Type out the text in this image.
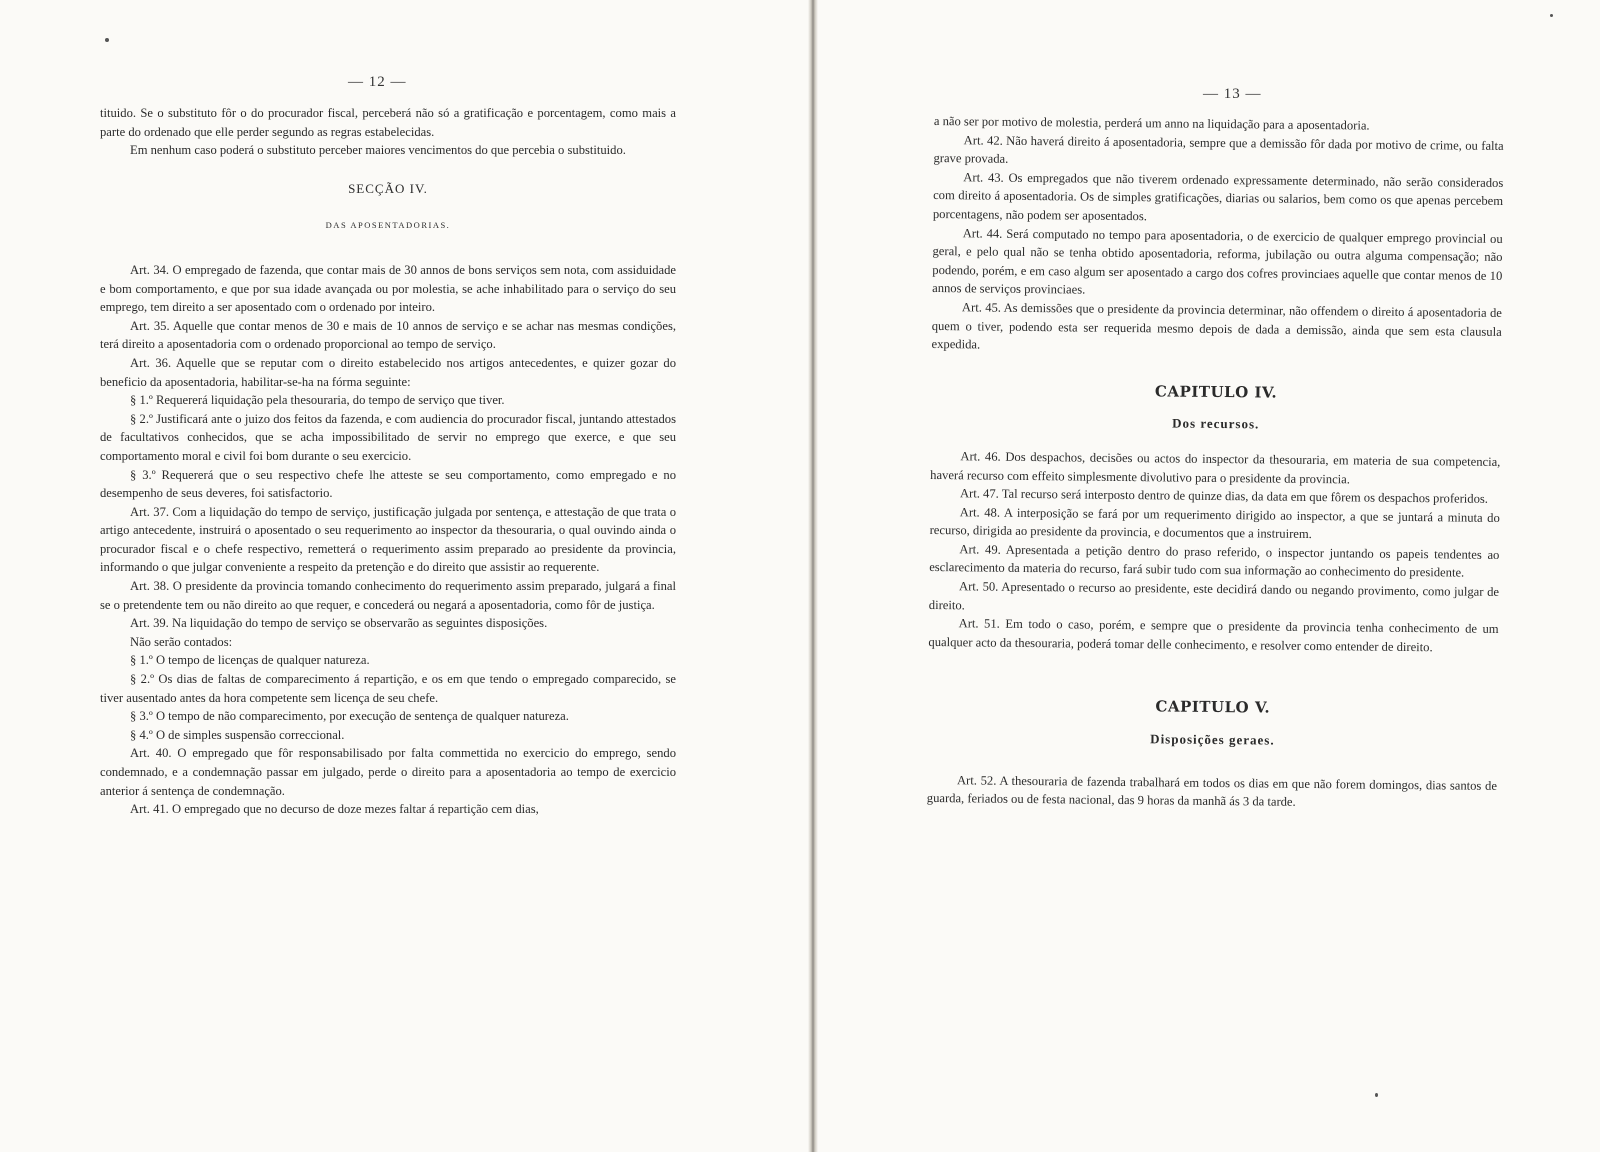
— 12 —

tituido. Se o substituto fôr o do procurador fiscal, perceberá não só a gratificação e porcentagem, como mais a parte do ordenado que elle perder segundo as regras estabelecidas.

Em nenhum caso poderá o substituto perceber maiores vencimentos do que percebia o substituido.

SECÇÃO IV.
DAS APOSENTADORIAS.

Art. 34. O empregado de fazenda, que contar mais de 30 annos de bons serviços sem nota, com assiduidade e bom comportamento, e que por sua idade avançada ou por molestia, se ache inhabilitado para o serviço do seu emprego, tem direito a ser aposentado com o ordenado por inteiro.

Art. 35. Aquelle que contar menos de 30 e mais de 10 annos de serviço e se achar nas mesmas condições, terá direito a aposentadoria com o ordenado proporcional ao tempo de serviço.

Art. 36. Aquelle que se reputar com o direito estabelecido nos artigos antecedentes, e quizer gozar do beneficio da aposentadoria, habilitar-se-ha na fórma seguinte:

§ 1.º Requererá liquidação pela thesouraria, do tempo de serviço que tiver.

§ 2.º Justificará ante o juizo dos feitos da fazenda, e com audiencia do procurador fiscal, juntando attestados de facultativos conhecidos, que se acha impossibilitado de servir no emprego que exerce, e que seu comportamento moral e civil foi bom durante o seu exercicio.

§ 3.º Requererá que o seu respectivo chefe lhe atteste se seu comportamento, como empregado e no desempenho de seus deveres, foi satisfactorio.

Art. 37. Com a liquidação do tempo de serviço, justificação julgada por sentença, e attestação de que trata o artigo antecedente, instruirá o aposentado o seu requerimento ao inspector da thesouraria, o qual ouvindo ainda o procurador fiscal e o chefe respectivo, remetterá o requerimento assim preparado ao presidente da provincia, informando o que julgar conveniente a respeito da pretenção e do direito que assistir ao requerente.

Art. 38. O presidente da provincia tomando conhecimento do requerimento assim preparado, julgará a final se o pretendente tem ou não direito ao que requer, e concederá ou negará a aposentadoria, como fôr de justiça.

Art. 39. Na liquidação do tempo de serviço se observarão as seguintes disposições.

Não serão contados:

§ 1.º O tempo de licenças de qualquer natureza.

§ 2.º Os dias de faltas de comparecimento á repartição, e os em que tendo o empregado comparecido, se tiver ausentado antes da hora competente sem licença de seu chefe.

§ 3.º O tempo de não comparecimento, por execução de sentença de qualquer natureza.

§ 4.º O de simples suspensão correccional.

Art. 40. O empregado que fôr responsabilisado por falta commettida no exercicio do emprego, sendo condemnado, e a condemnação passar em julgado, perde o direito para a aposentadoria ao tempo de exercicio anterior á sentença de condemnação.

Art. 41. O empregado que no decurso de doze mezes faltar á repartição cem dias,

— 13 —

a não ser por motivo de molestia, perderá um anno na liquidação para a aposentadoria.

Art. 42. Não haverá direito á aposentadoria, sempre que a demissão fôr dada por motivo de crime, ou falta grave provada.

Art. 43. Os empregados que não tiverem ordenado expressamente determinado, não serão considerados com direito á aposentadoria. Os de simples gratificações, diarias ou salarios, bem como os que apenas percebem porcentagens, não podem ser aposentados.

Art. 44. Será computado no tempo para aposentadoria, o de exercicio de qualquer emprego provincial ou geral, e pelo qual não se tenha obtido aposentadoria, reforma, jubilação ou outra alguma compensação; não podendo, porém, e em caso algum ser aposentado a cargo dos cofres provinciaes aquelle que contar menos de 10 annos de serviços provinciaes.

Art. 45. As demissões que o presidente da provincia determinar, não offendem o direito á aposentadoria de quem o tiver, podendo esta ser requerida mesmo depois de dada a demissão, ainda que sem esta clausula expedida.

CAPITULO IV.
Dos recursos.

Art. 46. Dos despachos, decisões ou actos do inspector da thesouraria, em materia de sua competencia, haverá recurso com effeito simplesmente divolutivo para o presidente da provincia.

Art. 47. Tal recurso será interposto dentro de quinze dias, da data em que fôrem os despachos proferidos.

Art. 48. A interposição se fará por um requerimento dirigido ao inspector, a que se juntará a minuta do recurso, dirigida ao presidente da provincia, e documentos que a instruirem.

Art. 49. Apresentada a petição dentro do praso referido, o inspector juntando os papeis tendentes ao esclarecimento da materia do recurso, fará subir tudo com sua informação ao conhecimento do presidente.

Art. 50. Apresentado o recurso ao presidente, este decidirá dando ou negando provimento, como julgar de direito.

Art. 51. Em todo o caso, porém, e sempre que o presidente da provincia tenha conhecimento de um qualquer acto da thesouraria, poderá tomar delle conhecimento, e resolver como entender de direito.

CAPITULO V.
Disposições geraes.

Art. 52. A thesouraria de fazenda trabalhará em todos os dias em que não forem domingos, dias santos de guarda, feriados ou de festa nacional, das 9 horas da manhã ás 3 da tarde.
